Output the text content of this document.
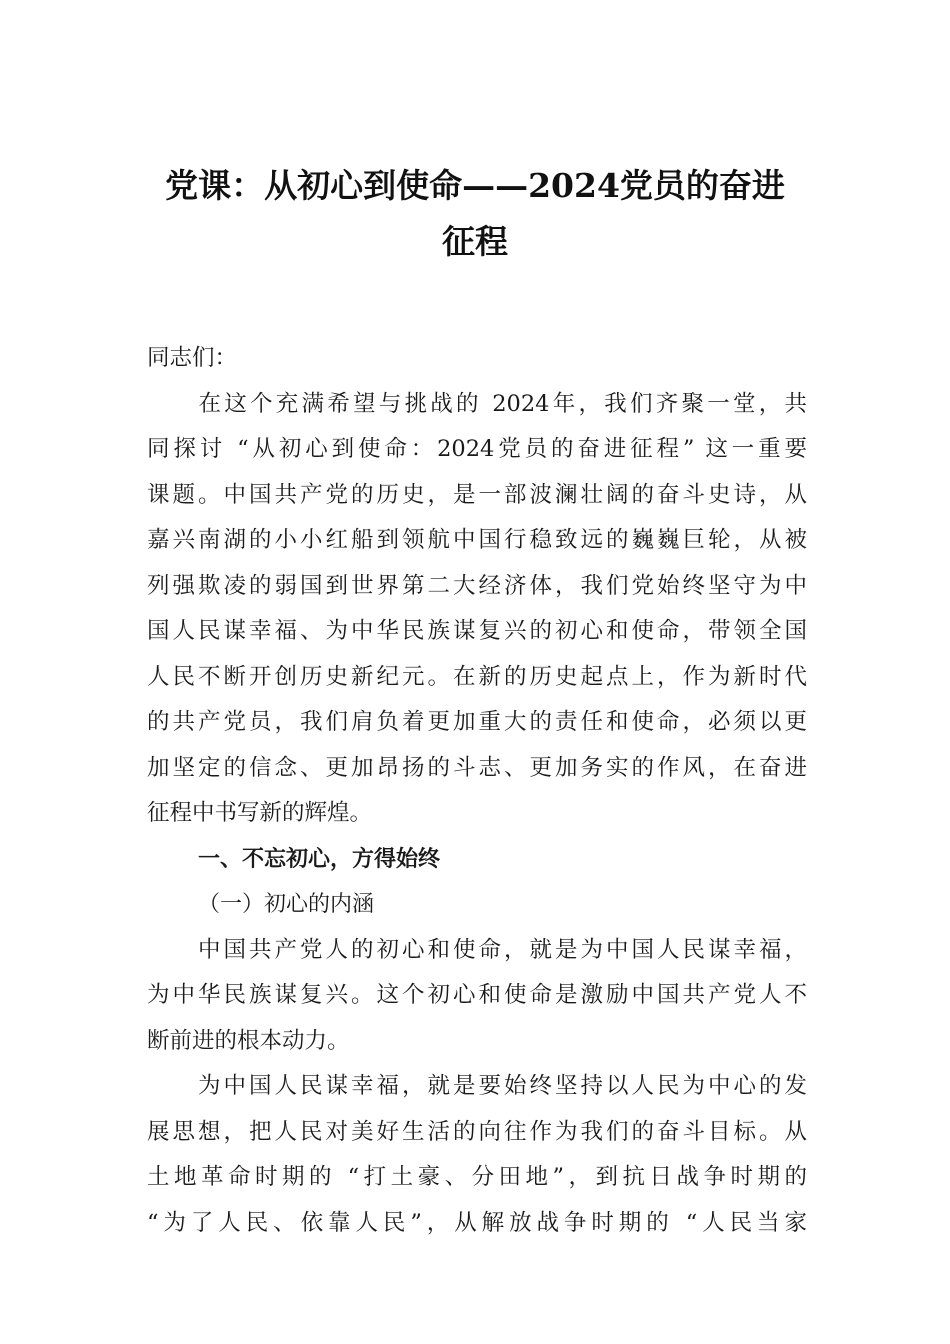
党课：从初心到使命——2024党员的奋进
征程
同志们：
　　在这个充满希望与挑战的 2024年，我们齐聚一堂，共
同探讨 “从初心到使命：2024党员的奋进征程” 这一重要
课题。中国共产党的历史，是一部波澜壮阔的奋斗史诗，从
嘉兴南湖的小小红船到领航中国行稳致远的巍巍巨轮，从被
列强欺凌的弱国到世界第二大经济体，我们党始终坚守为中
国人民谋幸福、为中华民族谋复兴的初心和使命，带领全国
人民不断开创历史新纪元。在新的历史起点上，作为新时代
的共产党员，我们肩负着更加重大的责任和使命，必须以更
加坚定的信念、更加昂扬的斗志、更加务实的作风，在奋进
征程中书写新的辉煌。
一、不忘初心，方得始终
（一）初心的内涵
　　中国共产党人的初心和使命，就是为中国人民谋幸福，
为中华民族谋复兴。这个初心和使命是激励中国共产党人不
断前进的根本动力。
　　为中国人民谋幸福，就是要始终坚持以人民为中心的发
展思想，把人民对美好生活的向往作为我们的奋斗目标。从
土地革命时期的 “打土豪、分田地”，到抗日战争时期的
“为了人民、依靠人民”，从解放战争时期的 “人民当家
